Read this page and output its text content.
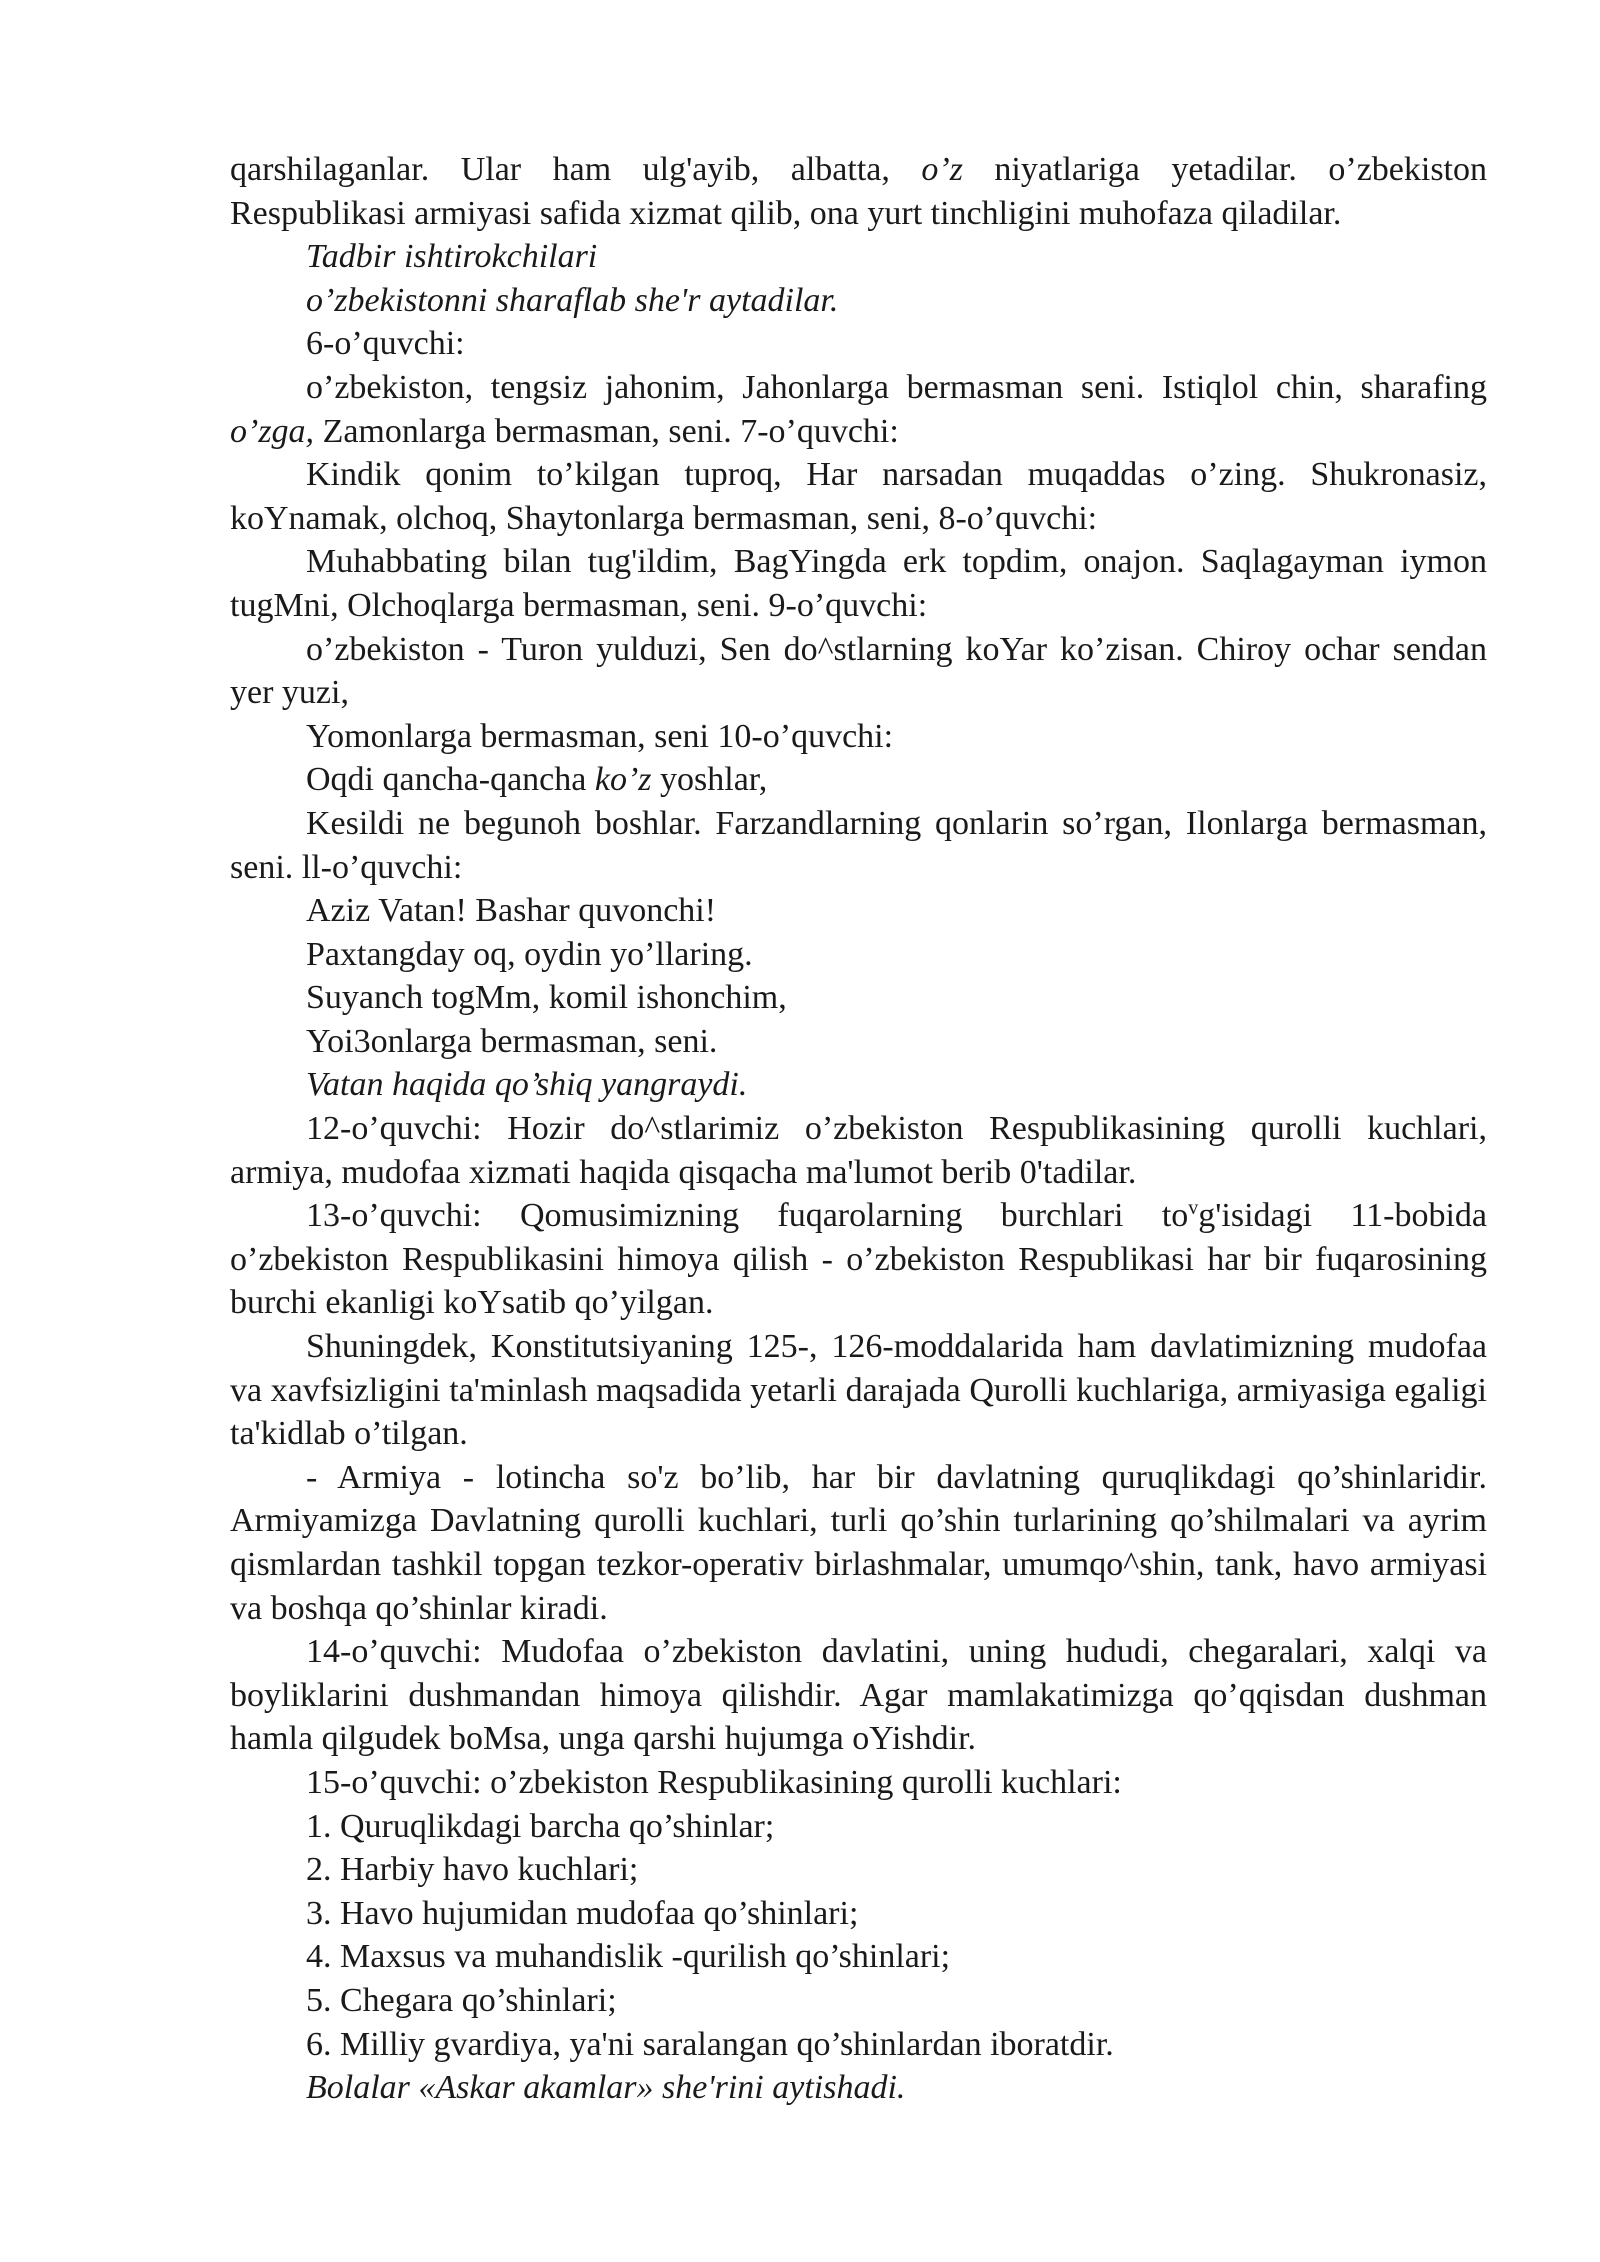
qarshilaganlar. Ular ham ulg'ayib, albatta, o’z niyatlariga yetadilar. o’zbekiston Respublikasi armiyasi safida xizmat qilib, ona yurt tinchligini muhofaza qiladilar.

Tadbir ishtirokchilari

o’zbekistonni sharaflab she'r aytadilar.

6-o’quvchi:

o’zbekiston, tengsiz jahonim, Jahonlarga bermasman seni. Istiqlol chin, sharafing o’zga, Zamonlarga bermasman, seni. 7-o’quvchi:

Kindik qonim to’kilgan tuproq, Har narsadan muqaddas o’zing. Shukronasiz, koYnamak, olchoq, Shaytonlarga bermasman, seni, 8-o’quvchi:

Muhabbating bilan tug'ildim, BagYingda erk topdim, onajon. Saqlagayman iymon tugMni, Olchoqlarga bermasman, seni. 9-o’quvchi:

o’zbekiston - Turon yulduzi, Sen do^stlarning koYar ko’zisan. Chiroy ochar sendan yer yuzi,

Yomonlarga bermasman, seni 10-o’quvchi:

Oqdi qancha-qancha ko’z yoshlar,

Kesildi ne begunoh boshlar. Farzandlarning qonlarin so’rgan, Ilonlarga bermasman, seni. ll-o’quvchi:

Aziz Vatan! Bashar quvonchi!

Paxtangday oq, oydin yo’llaring.

Suyanch togMm, komil ishonchim,

Yoi3onlarga bermasman, seni.

Vatan haqida qo’shiq yangraydi.

12-o’quvchi: Hozir do^stlarimiz o’zbekiston Respublikasining qurolli kuchlari, armiya, mudofaa xizmati haqida qisqacha ma'lumot berib 0'tadilar.

13-o’quvchi: Qomusimizning fuqarolarning burchlari $to^vg'isidagi$ 11-bobida o’zbekiston Respublikasini himoya qilish - o’zbekiston Respublikasi har bir fuqarosining burchi ekanligi koYsatib qo’yilgan.

Shuningdek, Konstitutsiyaning 125-, 126-moddalarida ham davlatimizning mudofaa va xavfsizligini ta'minlash maqsadida yetarli darajada Qurolli kuchlariga, armiyasiga egaligi ta'kidlab o’tilgan.

- Armiya - lotincha so'z bo’lib, har bir davlatning quruqlikdagi qo’shinlaridir. Armiyamizga Davlatning qurolli kuchlari, turli qo’shin turlarining qo’shilmalari va ayrim qismlardan tashkil topgan tezkor-operativ birlashmalar, umumqo^shin, tank, havo armiyasi va boshqa qo’shinlar kiradi.

14-o’quvchi: Mudofaa o’zbekiston davlatini, uning hududi, chegaralari, xalqi va boyliklarini dushmandan himoya qilishdir. Agar mamlakatimizga qo’qqisdan dushman hamla qilgudek boMsa, unga qarshi hujumga oYishdir.

15-o’quvchi: o’zbekiston Respublikasining qurolli kuchlari:

1. Quruqlikdagi barcha qo’shinlar;

2. Harbiy havo kuchlari;

3. Havo hujumidan mudofaa qo’shinlari;

4. Maxsus va muhandislik -qurilish qo’shinlari;

5. Chegara qo’shinlari;

6. Milliy gvardiya, ya'ni saralangan qo’shinlardan iboratdir.

Bolalar «Askar akamlar» she'rini aytishadi.
